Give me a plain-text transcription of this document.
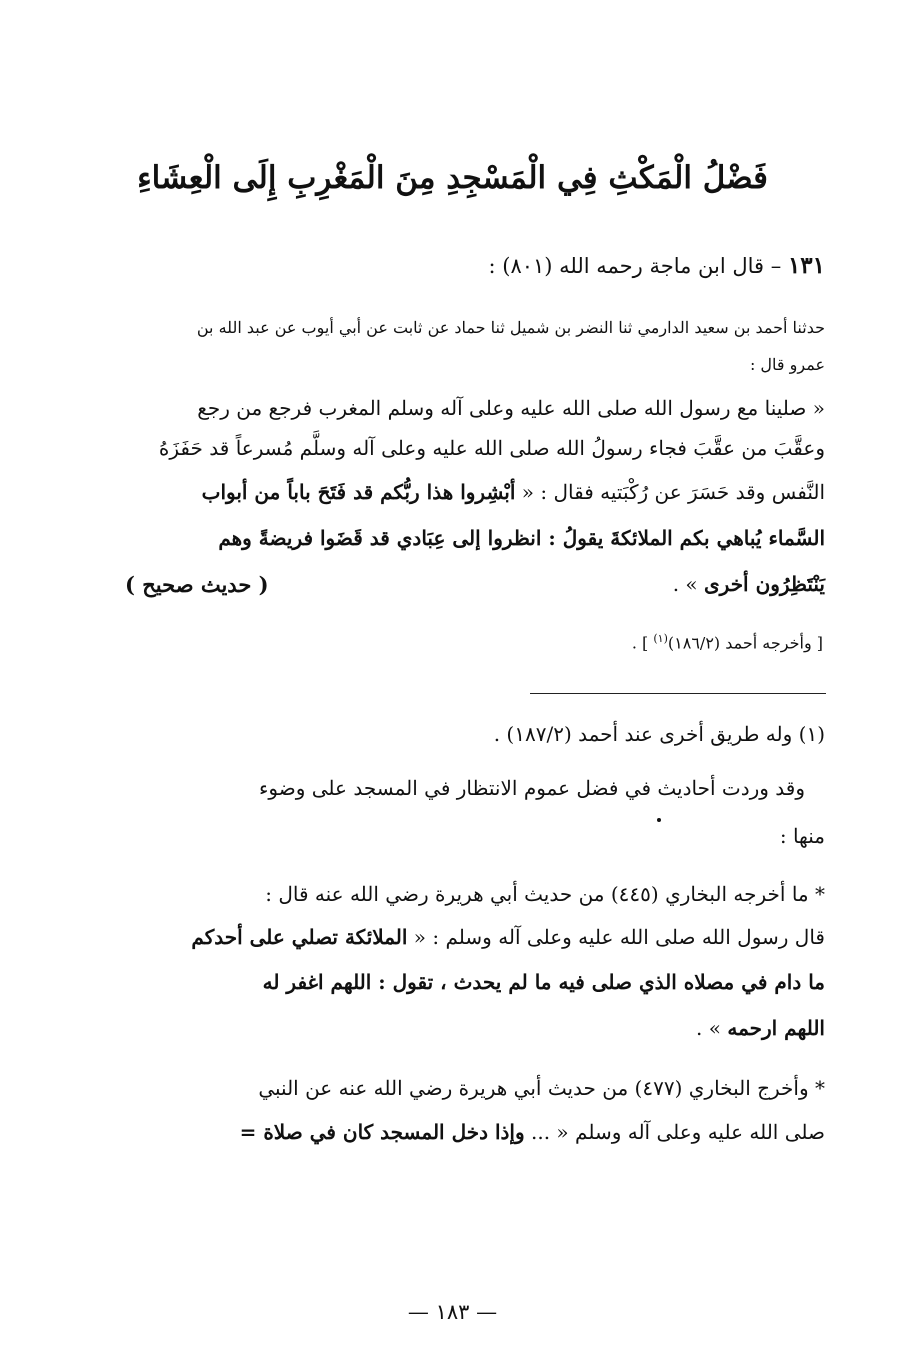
فَضْلُ الْمَكْثِ فِي الْمَسْجِدِ مِنَ الْمَغْرِبِ إِلَى الْعِشَاءِ
١٣١ – قال ابن ماجة رحمه الله (٨٠١) :
حدثنا أحمد بن سعيد الدارمي ثنا النضر بن شميل ثنا حماد عن ثابت عن أبي أيوب عن عبد الله بن
عمرو قال :
« صلينا مع رسول الله صلى الله عليه وعلى آله وسلم المغرب فرجع من رجع
وعقَّبَ من عقَّبَ فجاء رسولُ الله صلى الله عليه وعلى آله وسلَّم مُسرعاً قد حَفَزَهُ
النَّفس وقد حَسَرَ عن رُكْبَتيه فقال : « أبْشِروا هذا ربُّكم قد فَتَحَ باباً من أبواب
السَّماء يُباهي بكم الملائكةَ يقولُ : انظروا إلى عِبَادي قد قَضَوا فريضةً وهم
يَنْتَظِرُون أخرى » .
( حديث صحيح )
[ وأخرجه أحمد (١٨٦/٢)$^{(١)}$ ] .
(١) وله طريق أخرى عند أحمد (١٨٧/٢) .
وقد وردت أحاديث في فضل عموم الانتظار في المسجد على وضوء
منها :
* ما أخرجه البخاري (٤٤٥) من حديث أبي هريرة رضي الله عنه قال :
قال رسول الله صلى الله عليه وعلى آله وسلم : « الملائكة تصلي على أحدكم
ما دام في مصلاه الذي صلى فيه ما لم يحدث ، تقول : اللهم اغفر له
اللهم ارحمه » .
* وأخرج البخاري (٤٧٧) من حديث أبي هريرة رضي الله عنه عن النبي
صلى الله عليه وعلى آله وسلم « ... وإذا دخل المسجد كان في صلاة =
— ١٨٣ —
